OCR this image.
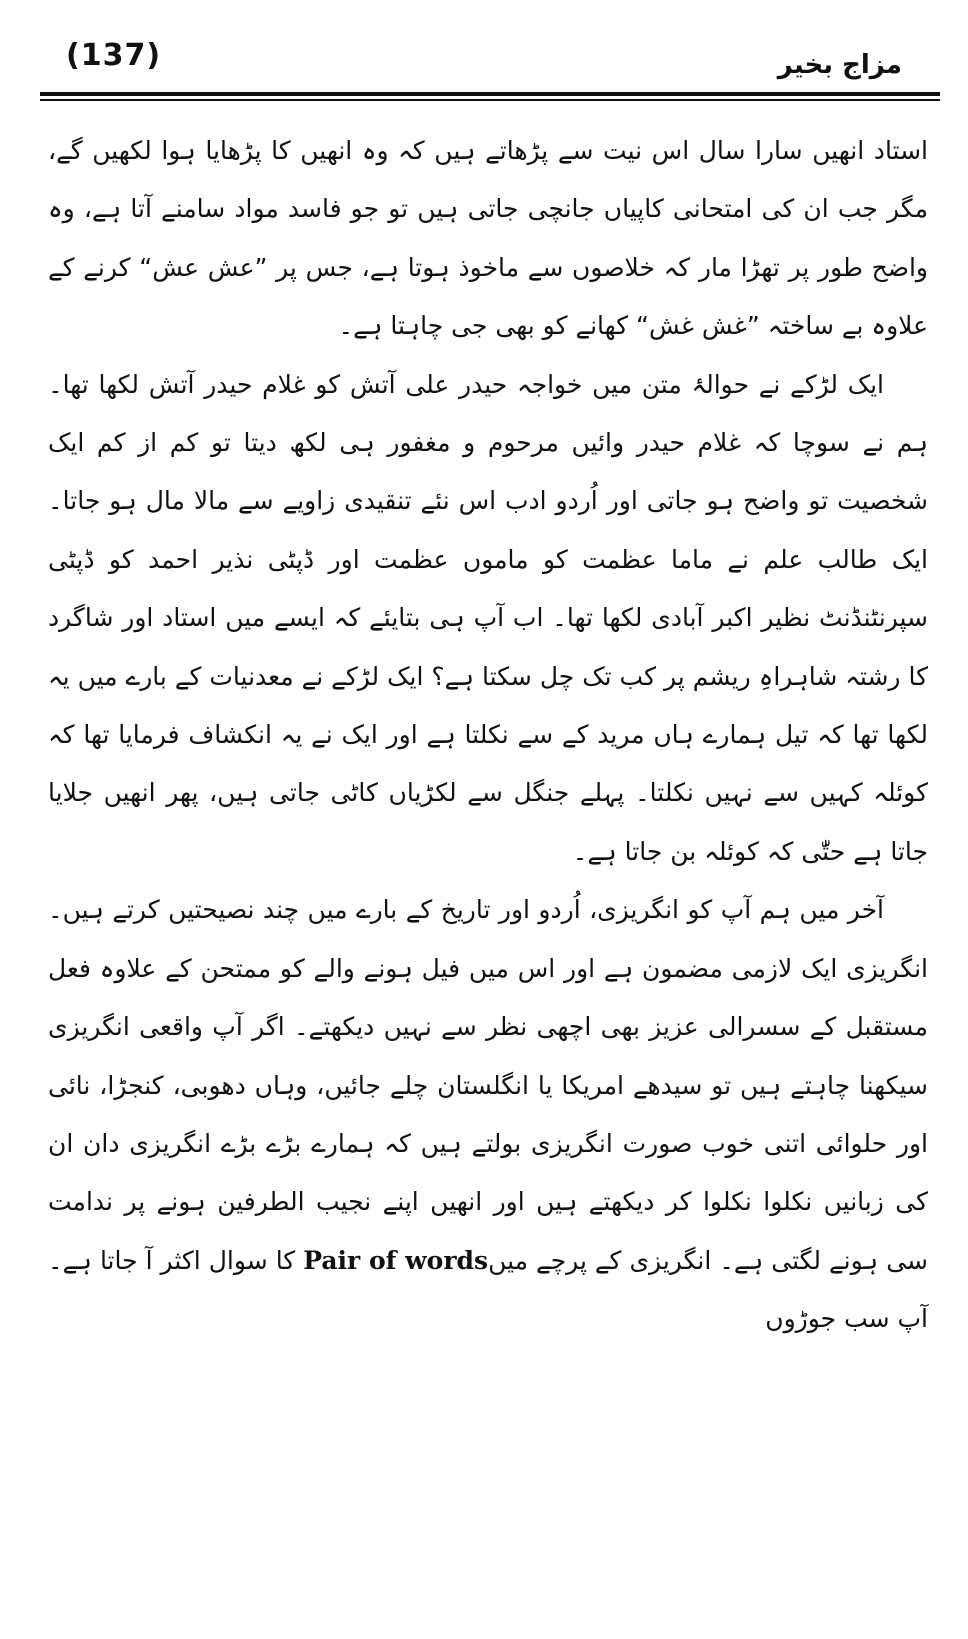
(137)	مزاج بخیر

استاد انھیں سارا سال اس نیت سے پڑھاتے ہیں کہ وہ انھیں کا پڑھایا ہوا لکھیں گے، مگر جب ان کی امتحانی کاپیاں جانچی جاتی ہیں تو جو فاسد مواد سامنے آتا ہے، وہ واضح طور پر تھڑا مار کہ خلاصوں سے ماخوذ ہوتا ہے، جس پر ”عش عش“ کرنے کے علاوہ بے ساختہ ”غش غش“ کھانے کو بھی جی چاہتا ہے۔

ایک لڑکے نے حوالۂ متن میں خواجہ حیدر علی آتش کو غلام حیدر آتش لکھا تھا۔ ہم نے سوچا کہ غلام حیدر وائیں مرحوم و مغفور ہی لکھ دیتا تو کم از کم ایک شخصیت تو واضح ہو جاتی اور اُردو ادب اس نئے تنقیدی زاویے سے مالا مال ہو جاتا۔ ایک طالب علم نے ماما عظمت کو ماموں عظمت اور ڈپٹی نذیر احمد کو ڈپٹی سپرنٹنڈنٹ نظیر اکبر آبادی لکھا تھا۔ اب آپ ہی بتایئے کہ ایسے میں استاد اور شاگرد کا رشتہ شاہراہِ ریشم پر کب تک چل سکتا ہے؟ ایک لڑکے نے معدنیات کے بارے میں یہ لکھا تھا کہ تیل ہمارے ہاں مرید کے سے نکلتا ہے اور ایک نے یہ انکشاف فرمایا تھا کہ کوئلہ کہیں سے نہیں نکلتا۔ پہلے جنگل سے لکڑیاں کاٹی جاتی ہیں، پھر انھیں جلایا جاتا ہے حتّٰی کہ کوئلہ بن جاتا ہے۔

آخر میں ہم آپ کو انگریزی، اُردو اور تاریخ کے بارے میں چند نصیحتیں کرتے ہیں۔ انگریزی ایک لازمی مضمون ہے اور اس میں فیل ہونے والے کو ممتحن کے علاوہ فعل مستقبل کے سسرالی عزیز بھی اچھی نظر سے نہیں دیکھتے۔ اگر آپ واقعی انگریزی سیکھنا چاہتے ہیں تو سیدھے امریکا یا انگلستان چلے جائیں، وہاں دھوبی، کنجڑا، نائی اور حلوائی اتنی خوب صورت انگریزی بولتے ہیں کہ ہمارے بڑے بڑے انگریزی دان ان کی زبانیں نکلوا نکلوا کر دیکھتے ہیں اور انھیں اپنے نجیب الطرفین ہونے پر ندامت سی ہونے لگتی ہے۔ انگریزی کے پرچے میںPair of words کا سوال اکثر آ جاتا ہے۔ آپ سب جوڑوں
